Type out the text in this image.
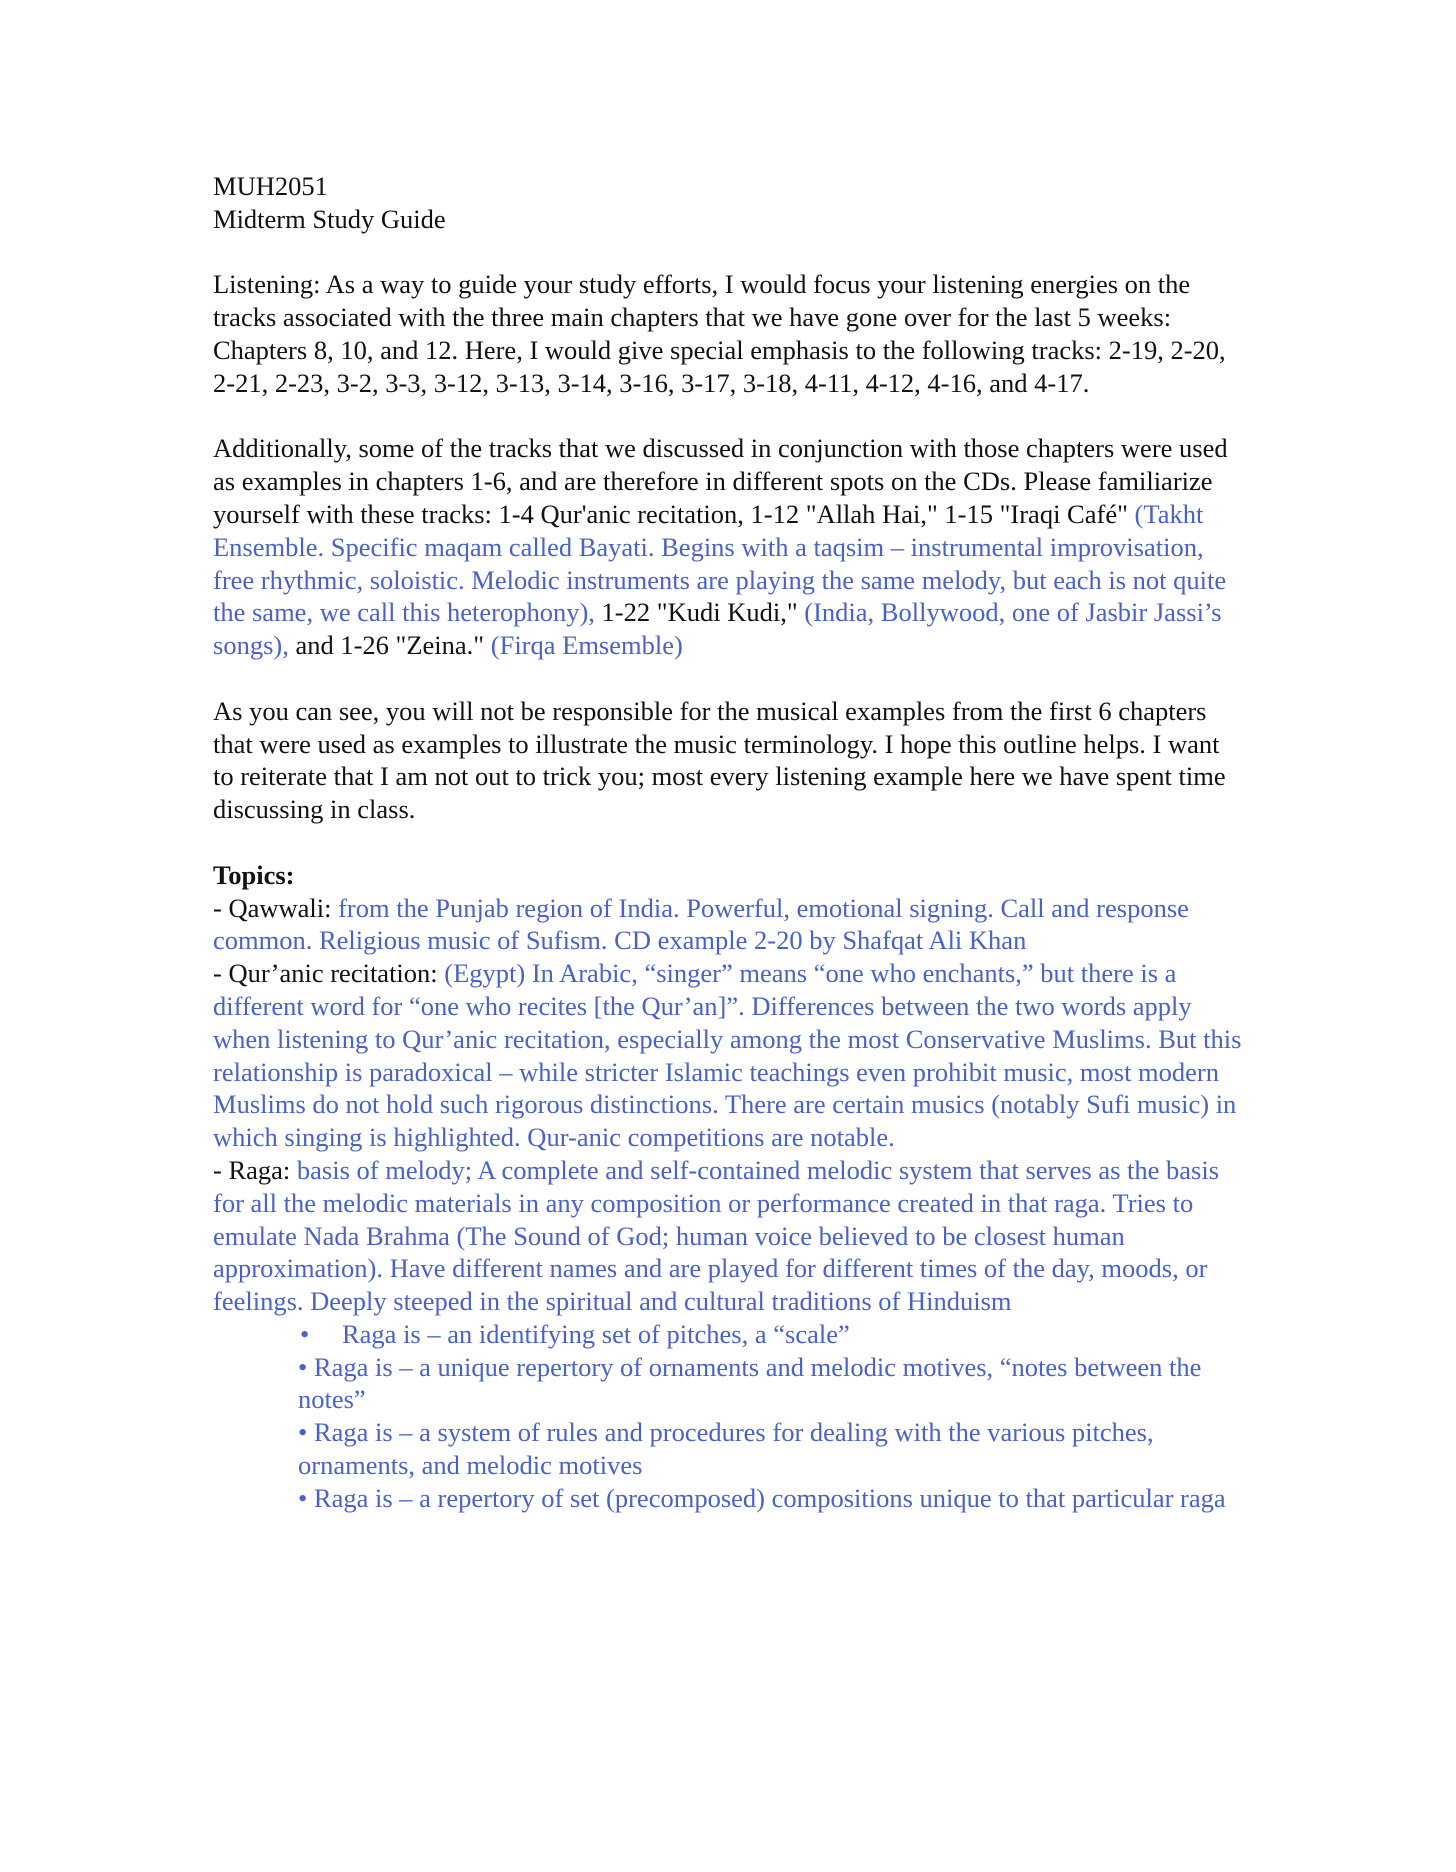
MUH2051

Midterm Study Guide

Listening: As a way to guide your study efforts, I would focus your listening energies on the tracks associated with the three main chapters that we have gone over for the last 5 weeks: Chapters 8, 10, and 12. Here, I would give special emphasis to the following tracks: 2-19, 2-20, 2-21, 2-23, 3-2, 3-3, 3-12, 3-13, 3-14, 3-16, 3-17, 3-18, 4-11, 4-12, 4-16, and 4-17.

Additionally, some of the tracks that we discussed in conjunction with those chapters were used as examples in chapters 1-6, and are therefore in different spots on the CDs. Please familiarize yourself with these tracks: 1-4 Qur'anic recitation, 1-12 "Allah Hai," 1-15 "Iraqi Café" (Takht Ensemble. Specific maqam called Bayati. Begins with a taqsim – instrumental improvisation, free rhythmic, soloistic. Melodic instruments are playing the same melody, but each is not quite the same, we call this heterophony), 1-22 "Kudi Kudi," (India, Bollywood, one of Jasbir Jassi’s songs), and 1-26 "Zeina." (Firqa Emsemble)

As you can see, you will not be responsible for the musical examples from the first 6 chapters that were used as examples to illustrate the music terminology. I hope this outline helps. I want to reiterate that I am not out to trick you; most every listening example here we have spent time discussing in class.

Topics:

- Qawwali: from the Punjab region of India. Powerful, emotional signing. Call and response common. Religious music of Sufism. CD example 2-20 by Shafqat Ali Khan

- Qur’anic recitation: (Egypt) In Arabic, “singer” means “one who enchants,” but there is a different word for “one who recites [the Qur’an]”. Differences between the two words apply when listening to Qur’anic recitation, especially among the most Conservative Muslims. But this relationship is paradoxical – while stricter Islamic teachings even prohibit music, most modern Muslims do not hold such rigorous distinctions. There are certain musics (notably Sufi music) in which singing is highlighted. Qur-anic competitions are notable.

- Raga: basis of melody; A complete and self-contained melodic system that serves as the basis for all the melodic materials in any composition or performance created in that raga. Tries to emulate Nada Brahma (The Sound of God; human voice believed to be closest human approximation). Have different names and are played for different times of the day, moods, or feelings. Deeply steeped in the spiritual and cultural traditions of Hinduism

• Raga is – an identifying set of pitches, a “scale”
• Raga is – a unique repertory of ornaments and melodic motives, “notes between the notes”
• Raga is – a system of rules and procedures for dealing with the various pitches, ornaments, and melodic motives
• Raga is – a repertory of set (precomposed) compositions unique to that particular raga
